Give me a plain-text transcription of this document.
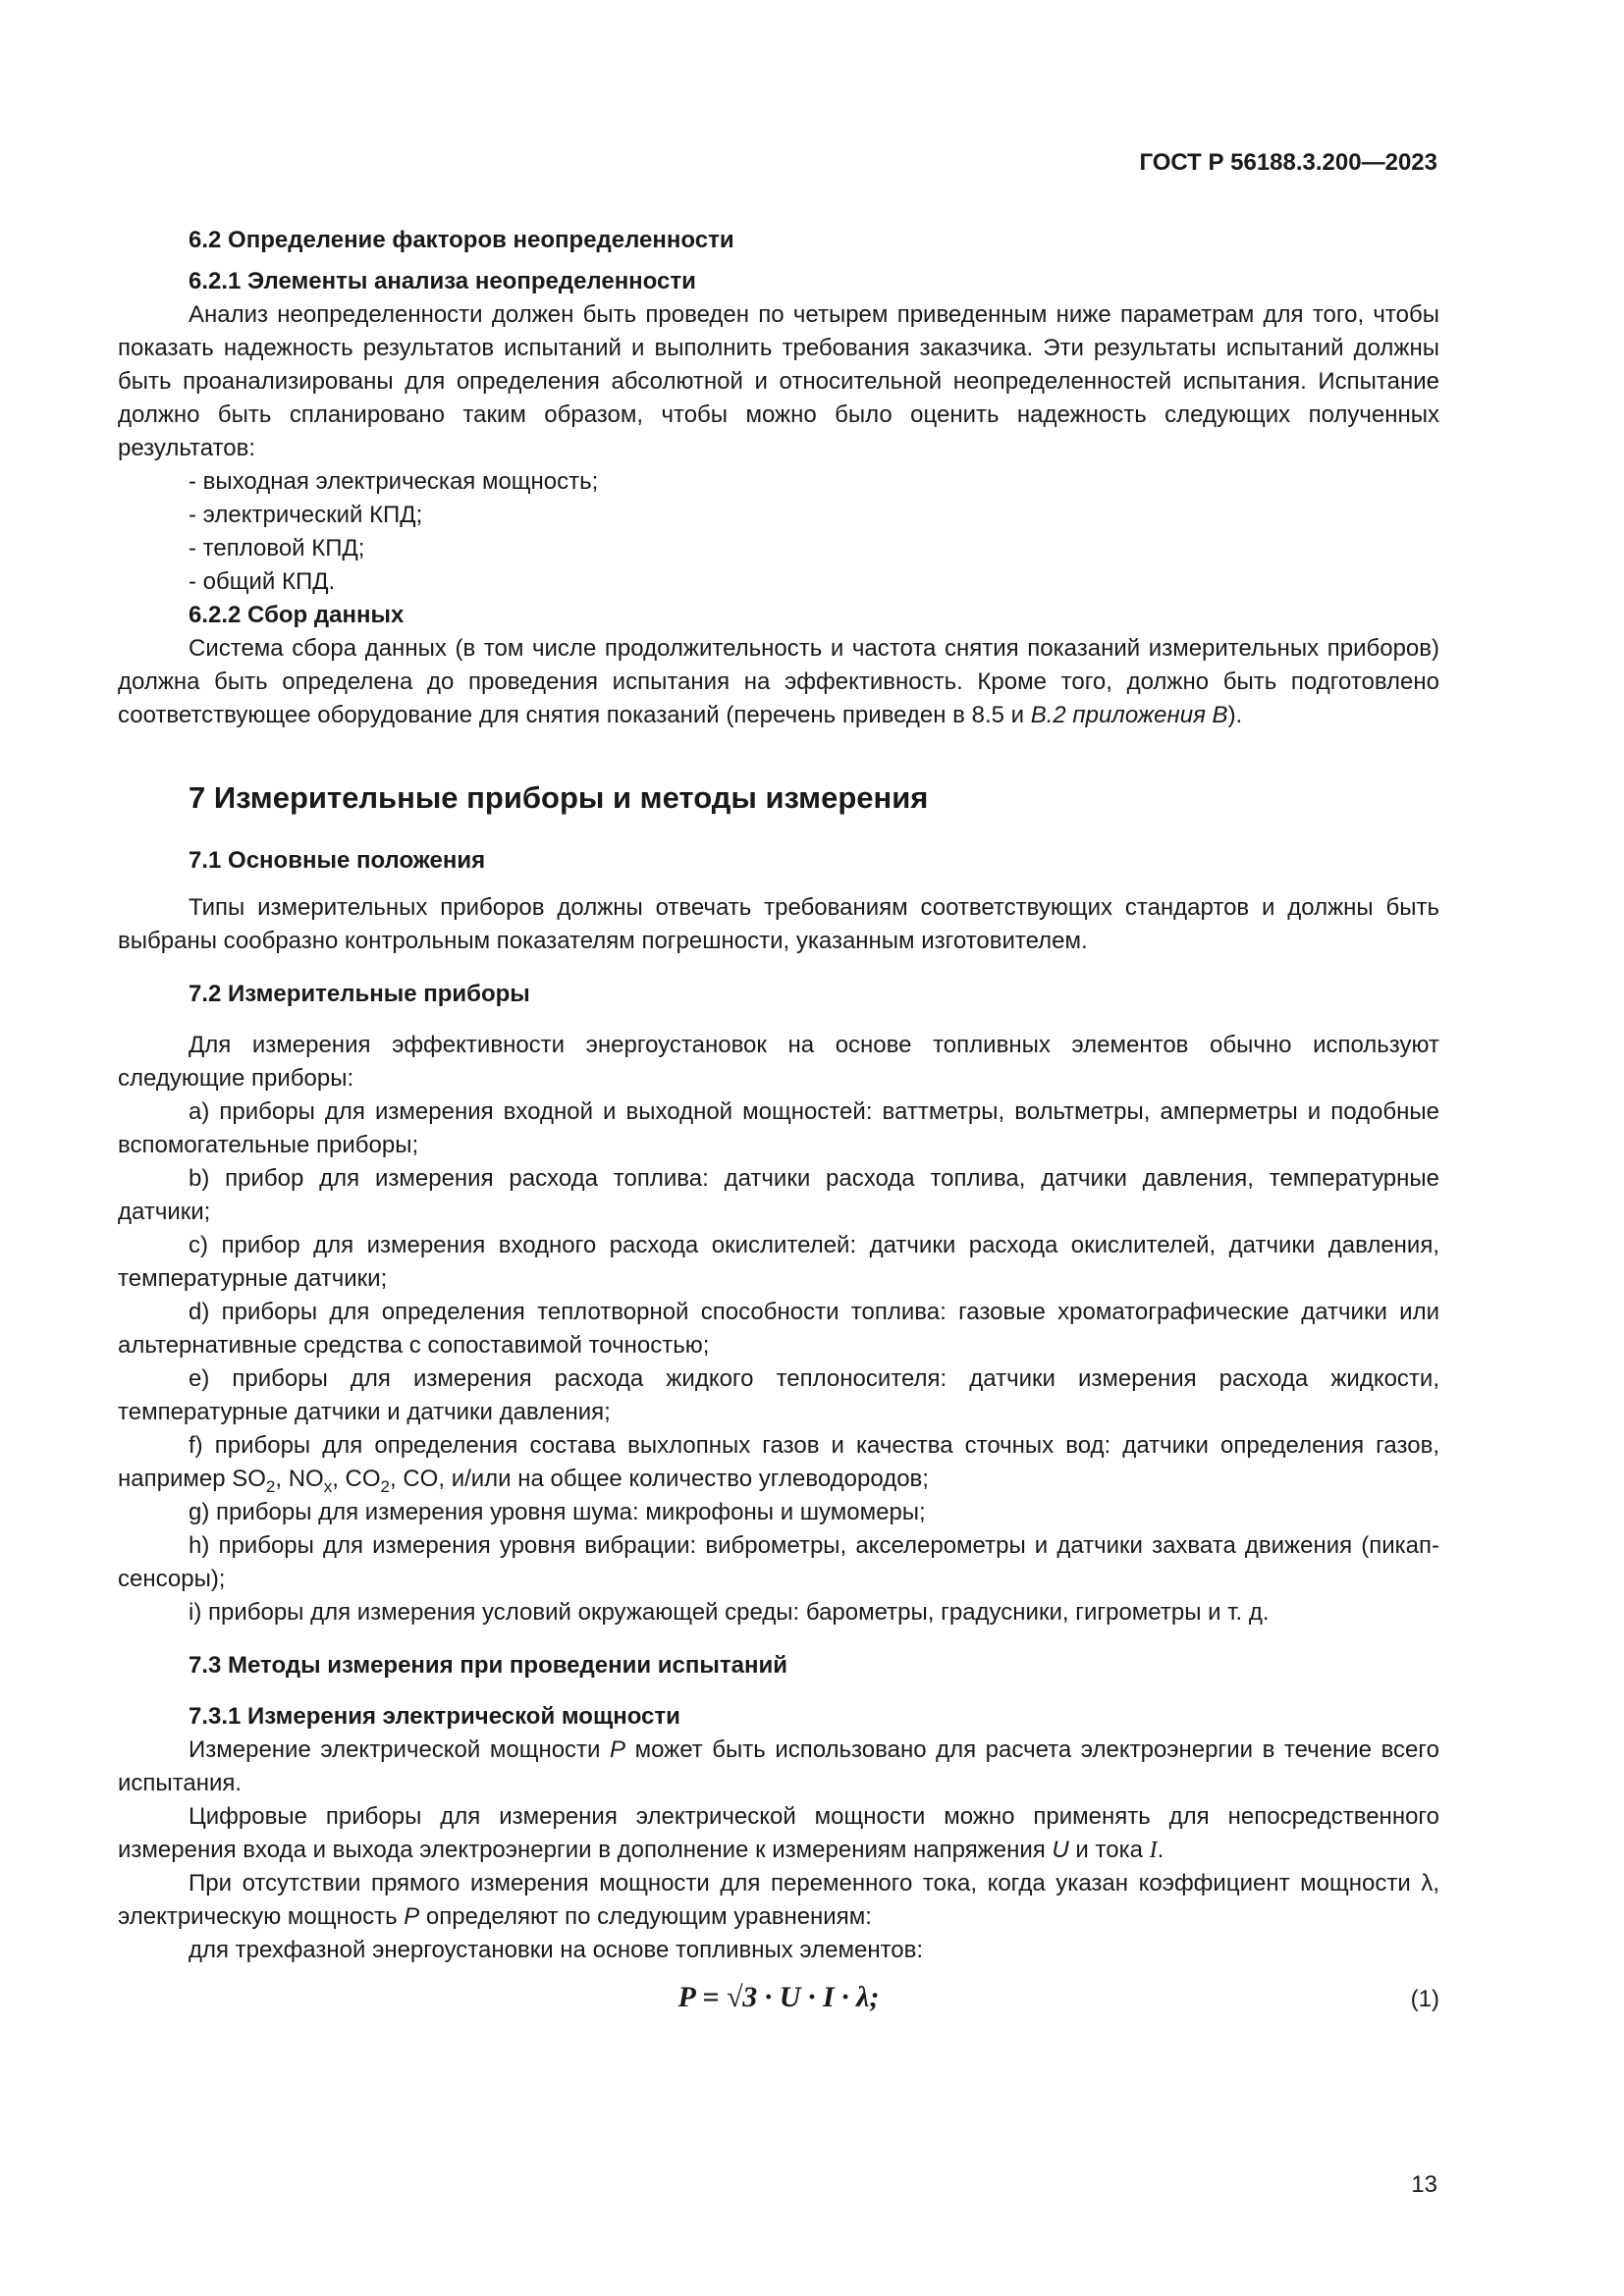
ГОСТ Р 56188.3.200—2023

6.2 Определение факторов неопределенности

6.2.1 Элементы анализа неопределенности

Анализ неопределенности должен быть проведен по четырем приведенным ниже параметрам для того, чтобы показать надежность результатов испытаний и выполнить требования заказчика. Эти результаты испытаний должны быть проанализированы для определения абсолютной и относительной неопределенностей испытания. Испытание должно быть спланировано таким образом, чтобы можно было оценить надежность следующих полученных результатов:

- выходная электрическая мощность;

- электрический КПД;

- тепловой КПД;

- общий КПД.

6.2.2 Сбор данных

Система сбора данных (в том числе продолжительность и частота снятия показаний измерительных приборов) должна быть определена до проведения испытания на эффективность. Кроме того, должно быть подготовлено соответствующее оборудование для снятия показаний (перечень приведен в 8.5 и В.2 приложения В).

7 Измерительные приборы и методы измерения

7.1 Основные положения

Типы измерительных приборов должны отвечать требованиям соответствующих стандартов и должны быть выбраны сообразно контрольным показателям погрешности, указанным изготовителем.

7.2 Измерительные приборы

Для измерения эффективности энергоустановок на основе топливных элементов обычно используют следующие приборы:

a) приборы для измерения входной и выходной мощностей: ваттметры, вольтметры, амперметры и подобные вспомогательные приборы;

b) прибор для измерения расхода топлива: датчики расхода топлива, датчики давления, температурные датчики;

c) прибор для измерения входного расхода окислителей: датчики расхода окислителей, датчики давления, температурные датчики;

d) приборы для определения теплотворной способности топлива: газовые хроматографические датчики или альтернативные средства с сопоставимой точностью;

e) приборы для измерения расхода жидкого теплоносителя: датчики измерения расхода жидкости, температурные датчики и датчики давления;

f) приборы для определения состава выхлопных газов и качества сточных вод: датчики определения газов, например $SO_2$, $NO_x$, $CO_2$, CO, и/или на общее количество углеводородов;

g) приборы для измерения уровня шума: микрофоны и шумомеры;

h) приборы для измерения уровня вибрации: виброметры, акселерометры и датчики захвата движения (пикап-сенсоры);

i) приборы для измерения условий окружающей среды: барометры, градусники, гигрометры и т. д.

7.3 Методы измерения при проведении испытаний

7.3.1 Измерения электрической мощности

Измерение электрической мощности P может быть использовано для расчета электроэнергии в течение всего испытания.

Цифровые приборы для измерения электрической мощности можно применять для непосредственного измерения входа и выхода электроэнергии в дополнение к измерениям напряжения U и тока I.

При отсутствии прямого измерения мощности для переменного тока, когда указан коэффициент мощности λ, электрическую мощность P определяют по следующим уравнениям:

для трехфазной энергоустановки на основе топливных элементов:

P = √3 · U · I · λ;	(1)
13
